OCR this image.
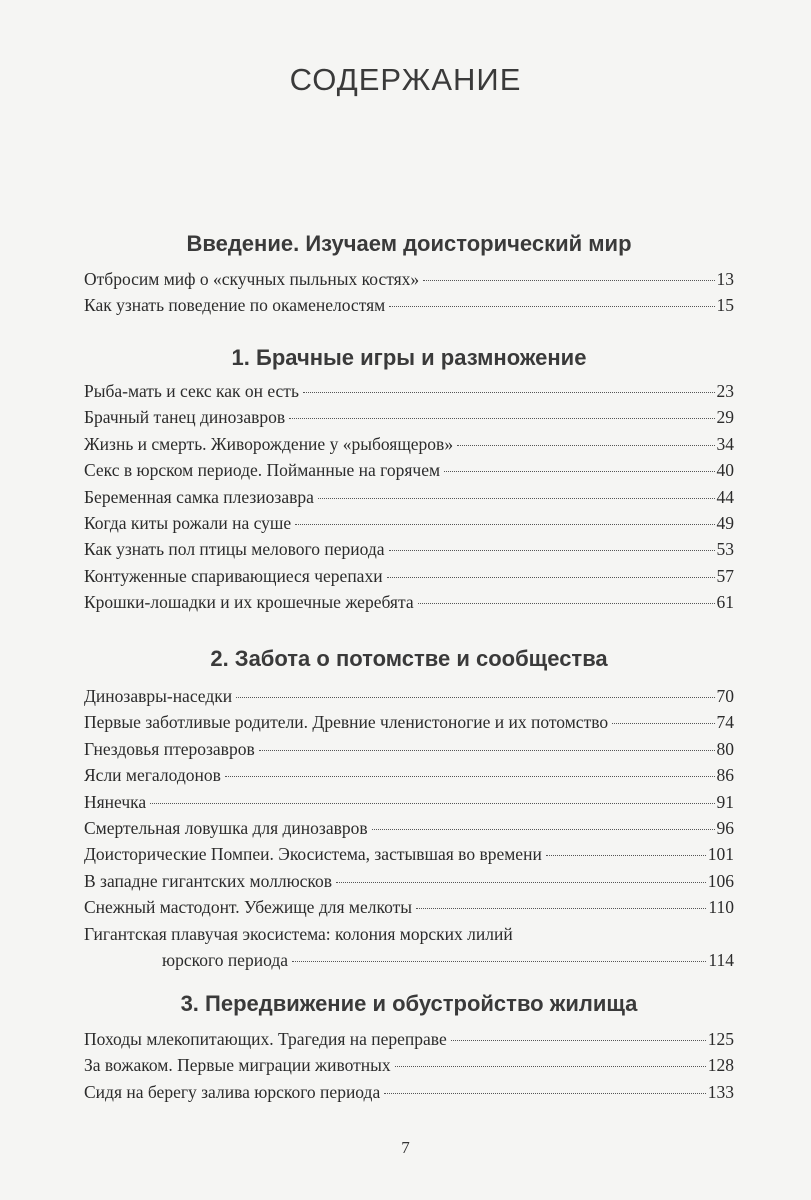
СОДЕРЖАНИЕ
Введение. Изучаем доисторический мир
Отбросим миф о «скучных пыльных костях»	13
Как узнать поведение по окаменелостям	15
1. Брачные игры и размножение
Рыба-мать и секс как он есть	23
Брачный танец динозавров	29
Жизнь и смерть. Живорождение у «рыбоящеров»	34
Секс в юрском периоде. Пойманные на горячем	40
Беременная самка плезиозавра	44
Когда киты рожали на суше	49
Как узнать пол птицы мелового периода	53
Контуженные спаривающиеся черепахи	57
Крошки-лошадки и их крошечные жеребята	61
2. Забота о потомстве и сообщества
Динозавры-наседки	70
Первые заботливые родители. Древние членистоногие и их потомство	74
Гнездовья птерозавров	80
Ясли мегалодонов	86
Нянечка	91
Смертельная ловушка для динозавров	96
Доисторические Помпеи. Экосистема, застывшая во времени	101
В западне гигантских моллюсков	106
Снежный мастодонт. Убежище для мелкоты	110
Гигантская плавучая экосистема: колония морских лилий
юрского периода	114
3. Передвижение и обустройство жилища
Походы млекопитающих. Трагедия на переправе	125
За вожаком. Первые миграции животных	128
Сидя на берегу залива юрского периода	133
7
